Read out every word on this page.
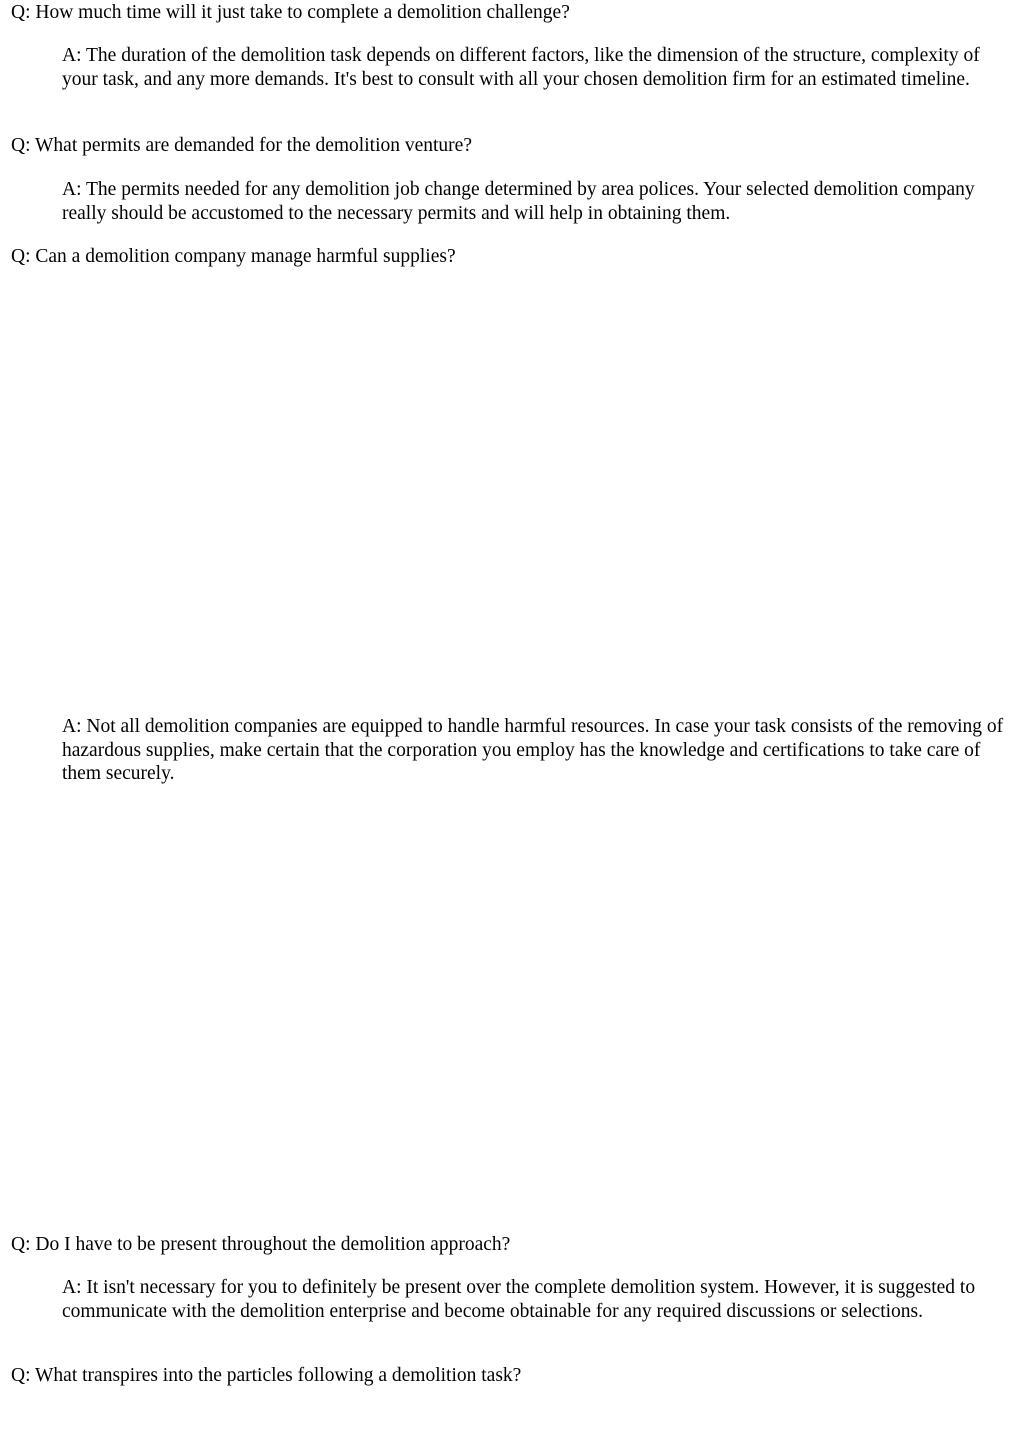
Q: How much time will it just take to complete a demolition challenge?

A: The duration of the demolition task depends on different factors, like the dimension of the structure, complexity of your task, and any more demands. It's best to consult with all your chosen demolition firm for an estimated timeline.

Q: What permits are demanded for the demolition venture?

A: The permits needed for any demolition job change determined by area polices. Your selected demolition company really should be accustomed to the necessary permits and will help in obtaining them.

Q: Can a demolition company manage harmful supplies?

A: Not all demolition companies are equipped to handle harmful resources. In case your task consists of the removing of hazardous supplies, make certain that the corporation you employ has the knowledge and certifications to take care of them securely.

Q: Do I have to be present throughout the demolition approach?

A: It isn't necessary for you to definitely be present over the complete demolition system. However, it is suggested to communicate with the demolition enterprise and become obtainable for any required discussions or selections.

Q: What transpires into the particles following a demolition task?
